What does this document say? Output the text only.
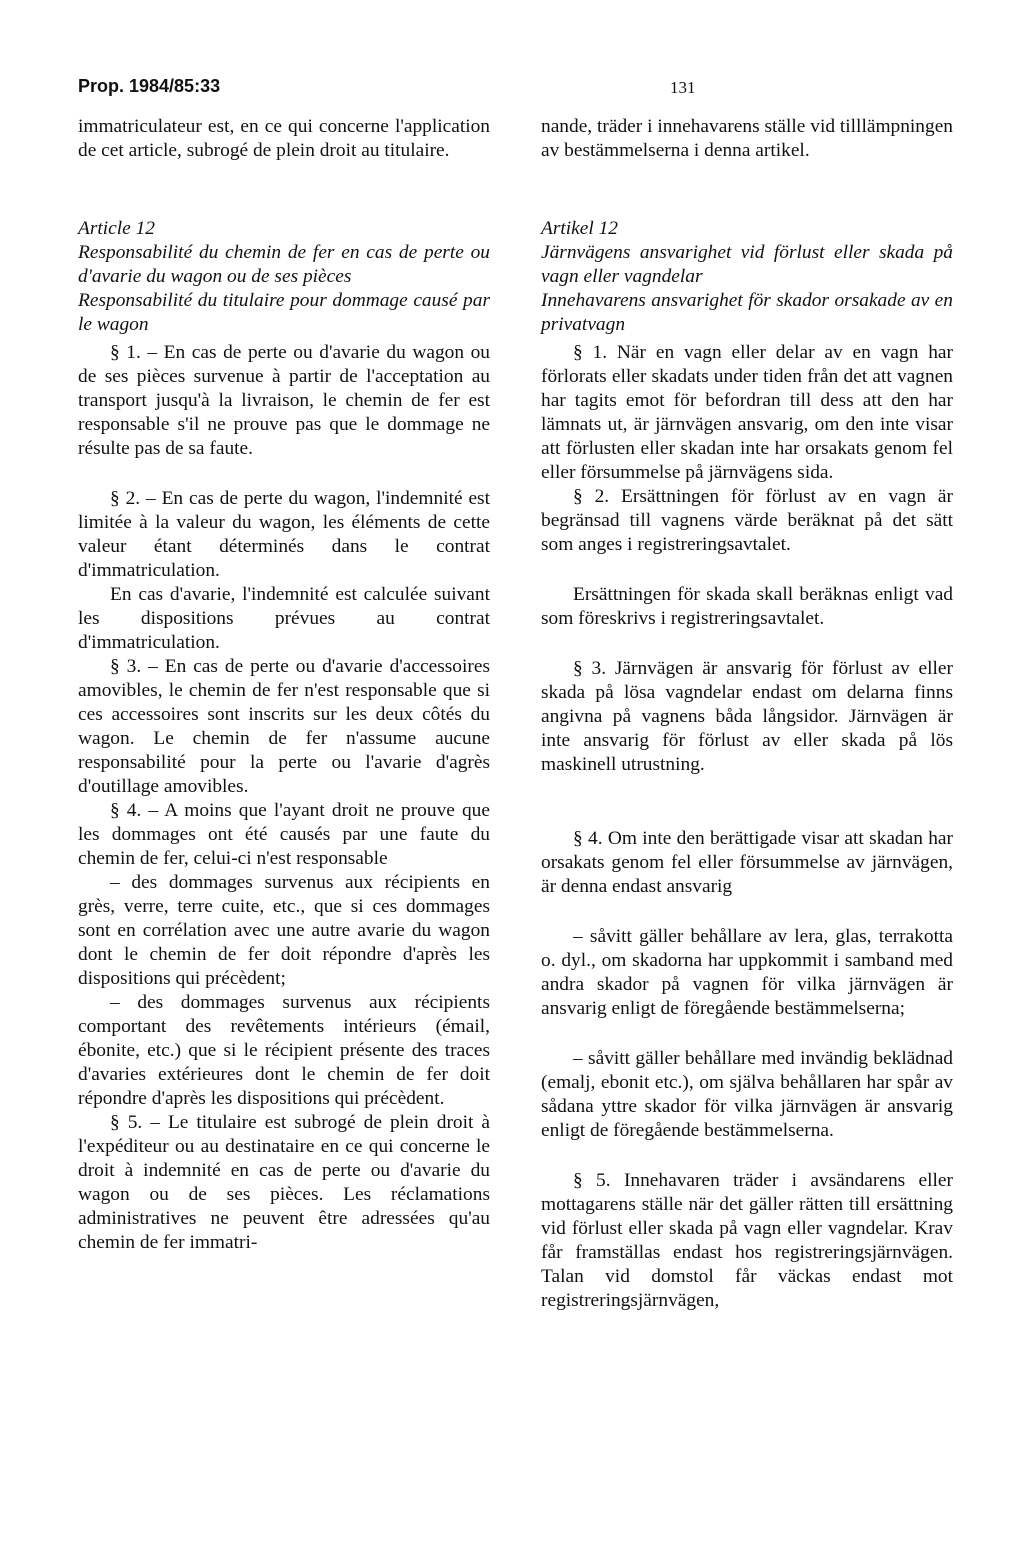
Prop. 1984/85:33	131

immatriculateur est, en ce qui concerne l'application de cet article, subrogé de plein droit au titulaire.

Article 12

Responsabilité du chemin de fer en cas de perte ou d'avarie du wagon ou de ses pièces

Responsabilité du titulaire pour dommage causé par le wagon

§ 1. – En cas de perte ou d'avarie du wagon ou de ses pièces survenue à partir de l'acceptation au transport jusqu'à la livraison, le chemin de fer est responsable s'il ne prouve pas que le dommage ne résulte pas de sa faute.

§ 2. – En cas de perte du wagon, l'indemnité est limitée à la valeur du wagon, les éléments de cette valeur étant déterminés dans le contrat d'immatriculation.

En cas d'avarie, l'indemnité est calculée suivant les dispositions prévues au contrat d'immatriculation.

§ 3. – En cas de perte ou d'avarie d'accessoires amovibles, le chemin de fer n'est responsable que si ces accessoires sont inscrits sur les deux côtés du wagon. Le chemin de fer n'assume aucune responsabilité pour la perte ou l'avarie d'agrès d'outillage amovibles.

§ 4. – A moins que l'ayant droit ne prouve que les dommages ont été causés par une faute du chemin de fer, celui-ci n'est responsable

– des dommages survenus aux récipients en grès, verre, terre cuite, etc., que si ces dommages sont en corrélation avec une autre avarie du wagon dont le chemin de fer doit répondre d'après les dispositions qui précèdent;

– des dommages survenus aux récipients comportant des revêtements intérieurs (émail, ébonite, etc.) que si le récipient présente des traces d'avaries extérieures dont le chemin de fer doit répondre d'après les dispositions qui précèdent.

§ 5. – Le titulaire est subrogé de plein droit à l'expéditeur ou au destinataire en ce qui concerne le droit à indemnité en cas de perte ou d'avarie du wagon ou de ses pièces. Les réclamations administratives ne peuvent être adressées qu'au chemin de fer immatri-

nande, träder i innehavarens ställe vid tilllämpningen av bestämmelserna i denna artikel.

Artikel 12

Järnvägens ansvarighet vid förlust eller skada på vagn eller vagndelar

Innehavarens ansvarighet för skador orsakade av en privatvagn

§ 1. När en vagn eller delar av en vagn har förlorats eller skadats under tiden från det att vagnen har tagits emot för befordran till dess att den har lämnats ut, är järnvägen ansvarig, om den inte visar att förlusten eller skadan inte har orsakats genom fel eller försummelse på järnvägens sida.

§ 2. Ersättningen för förlust av en vagn är begränsad till vagnens värde beräknat på det sätt som anges i registreringsavtalet.

Ersättningen för skada skall beräknas enligt vad som föreskrivs i registreringsavtalet.

§ 3. Järnvägen är ansvarig för förlust av eller skada på lösa vagndelar endast om delarna finns angivna på vagnens båda långsidor. Järnvägen är inte ansvarig för förlust av eller skada på lös maskinell utrustning.

§ 4. Om inte den berättigade visar att skadan har orsakats genom fel eller försummelse av järnvägen, är denna endast ansvarig

– såvitt gäller behållare av lera, glas, terrakotta o. dyl., om skadorna har uppkommit i samband med andra skador på vagnen för vilka järnvägen är ansvarig enligt de föregående bestämmelserna;

– såvitt gäller behållare med invändig beklädnad (emalj, ebonit etc.), om själva behållaren har spår av sådana yttre skador för vilka järnvägen är ansvarig enligt de föregående bestämmelserna.

§ 5. Innehavaren träder i avsändarens eller mottagarens ställe när det gäller rätten till ersättning vid förlust eller skada på vagn eller vagndelar. Krav får framställas endast hos registreringsjärnvägen. Talan vid domstol får väckas endast mot registreringsjärnvägen,
